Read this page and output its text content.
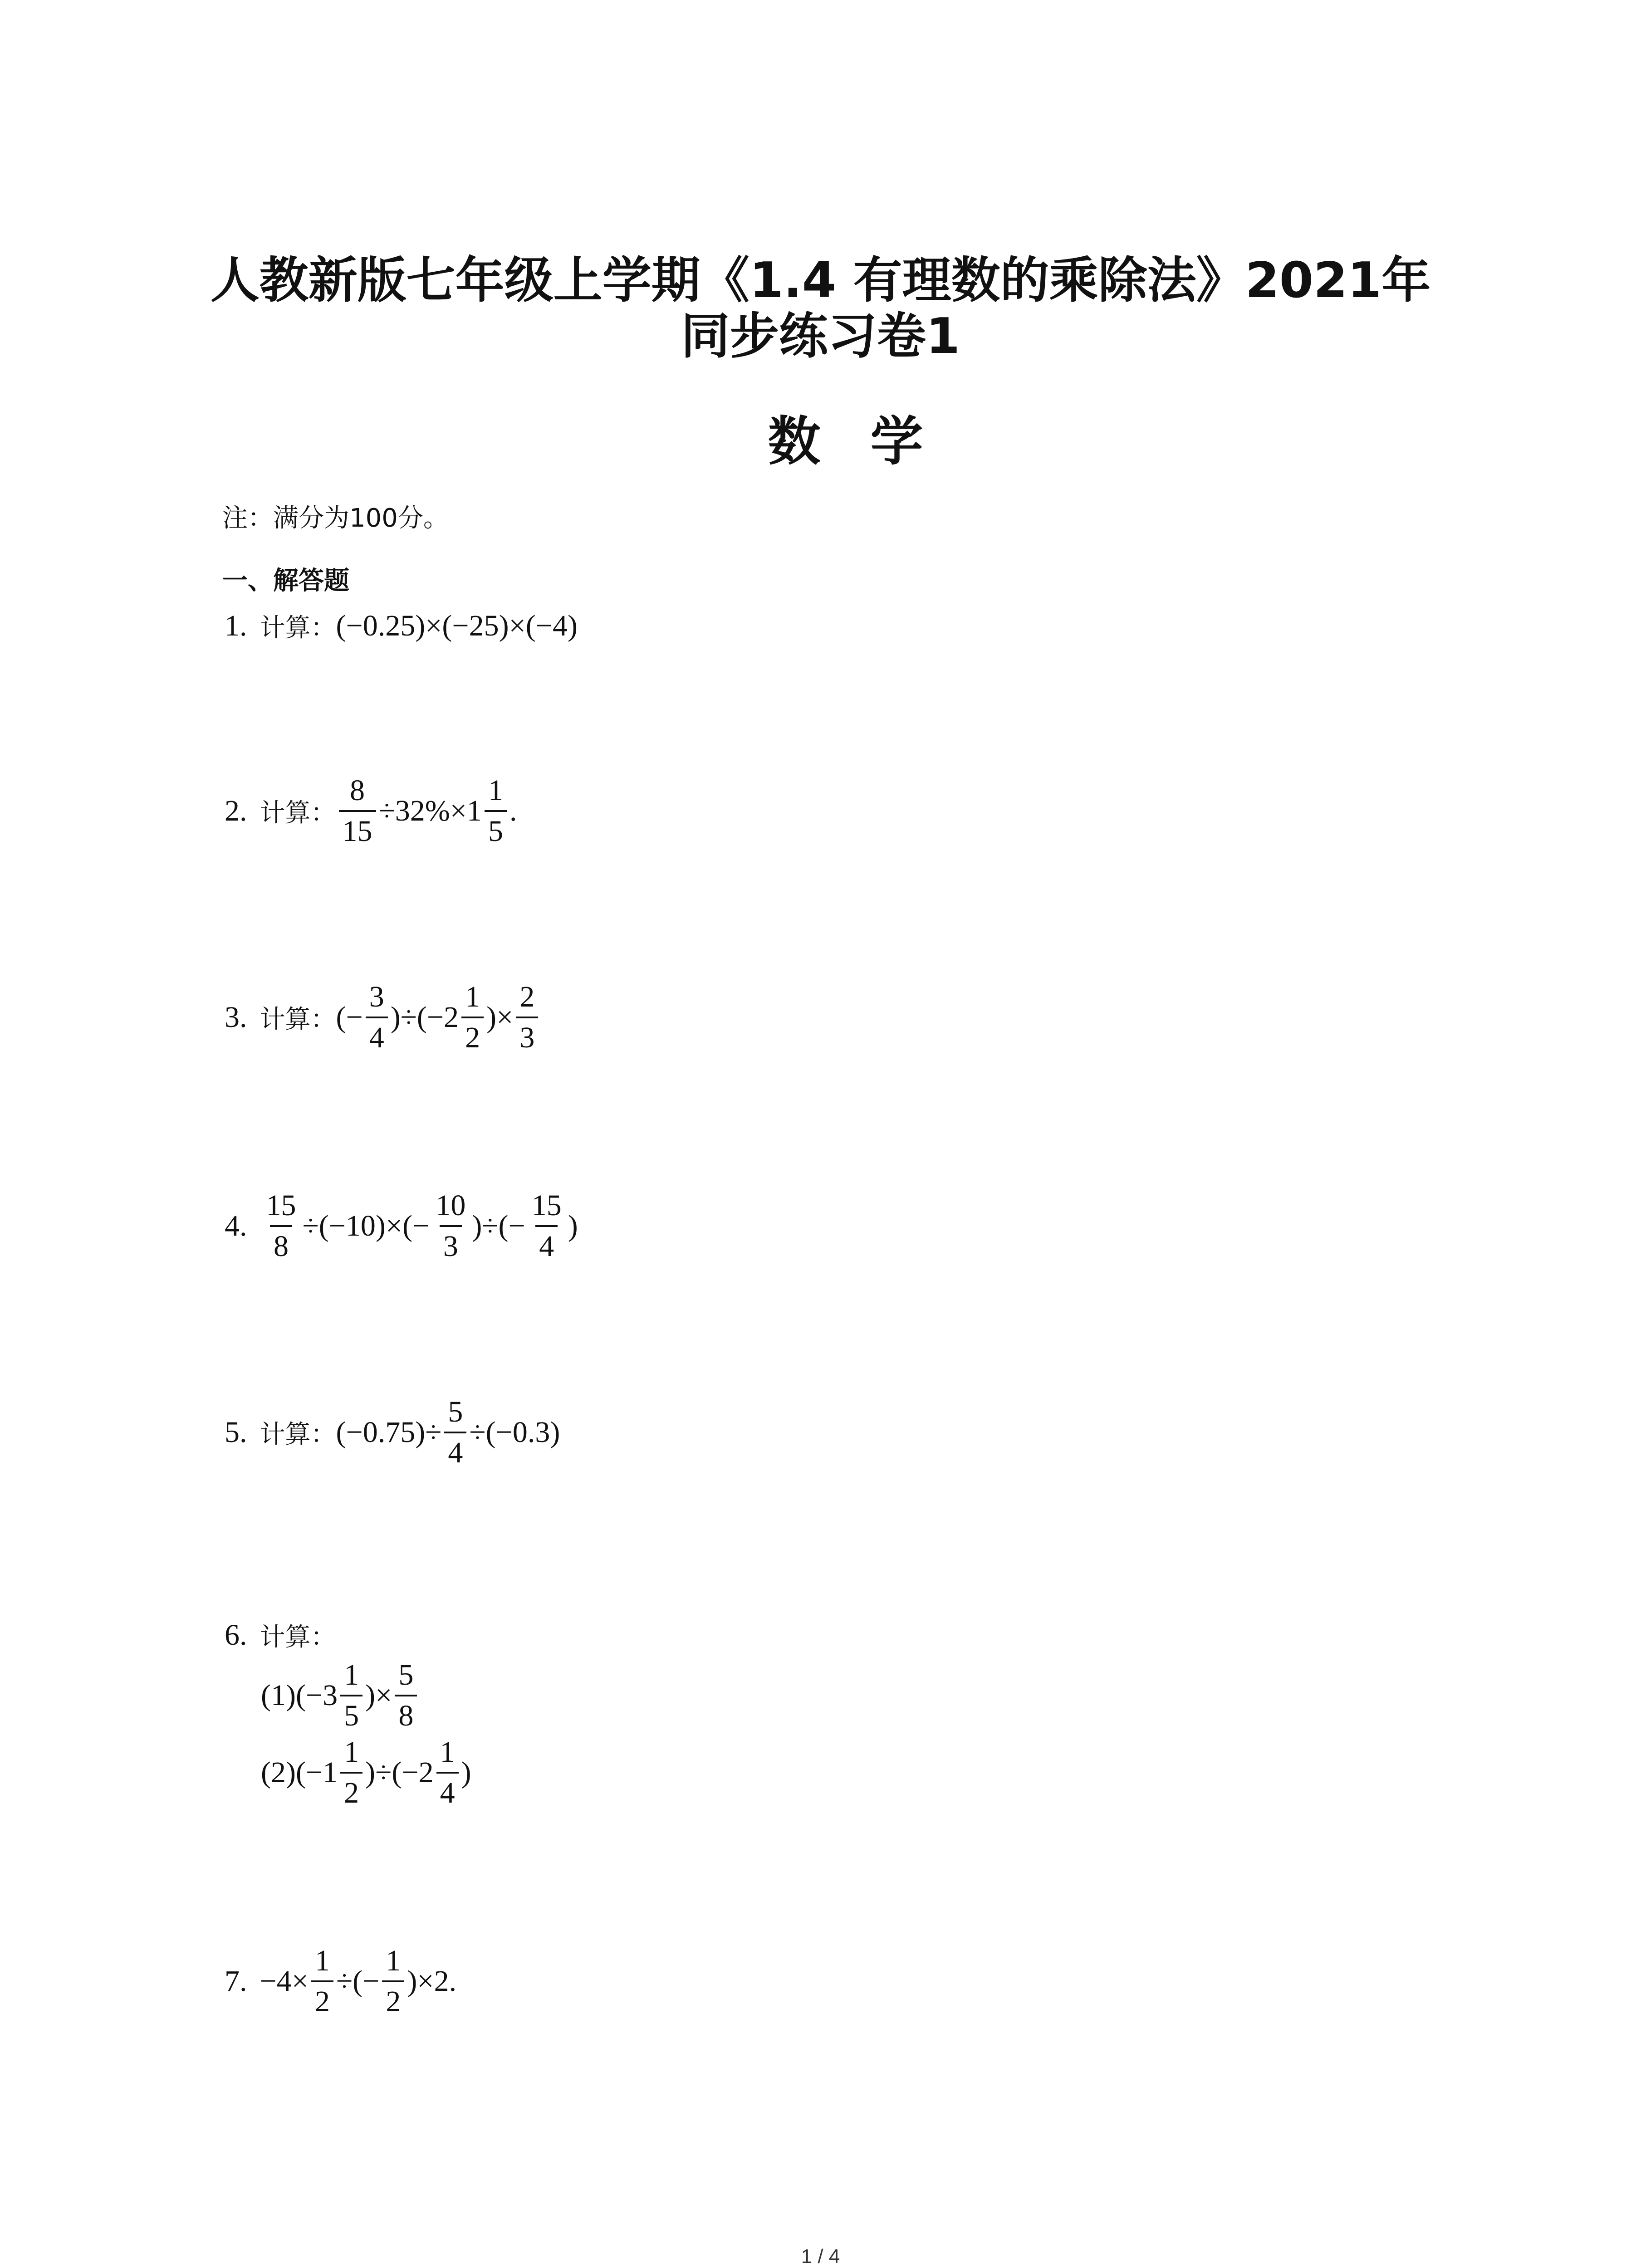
人教新版七年级上学期《1.4 有理数的乘除法》2021年
同步练习卷1
数学
注：满分为100分。
一、解答题
1. 计算： (−0.25)×(−25)×(−4)
2. 计算： $\frac{8}{15} \div 32\%\times 1 \frac{1}{5}$ .
3. 计算： (− $\frac{3}{4} )\div(-2 \frac{1}{2}$ )× $\frac{2}{3}$
4. $\frac{15}{8} \div(-10)\times(- \frac{10}{3}$ )÷(− $\frac{15}{4}$ )
5. 计算： $(-0.75)\div \frac{5}{4} \div(-0.3)$
6. 计算：
$(1)(-3 \frac{1}{5}$ )× $\frac{5}{8}$
$(2)(-1 \frac{1}{2} )\div(-2 \frac{1}{4}$ )
7. $-4\times \frac{1}{2}$ ÷(− $\frac{1}{2} )\times 2$.
1 / 4
